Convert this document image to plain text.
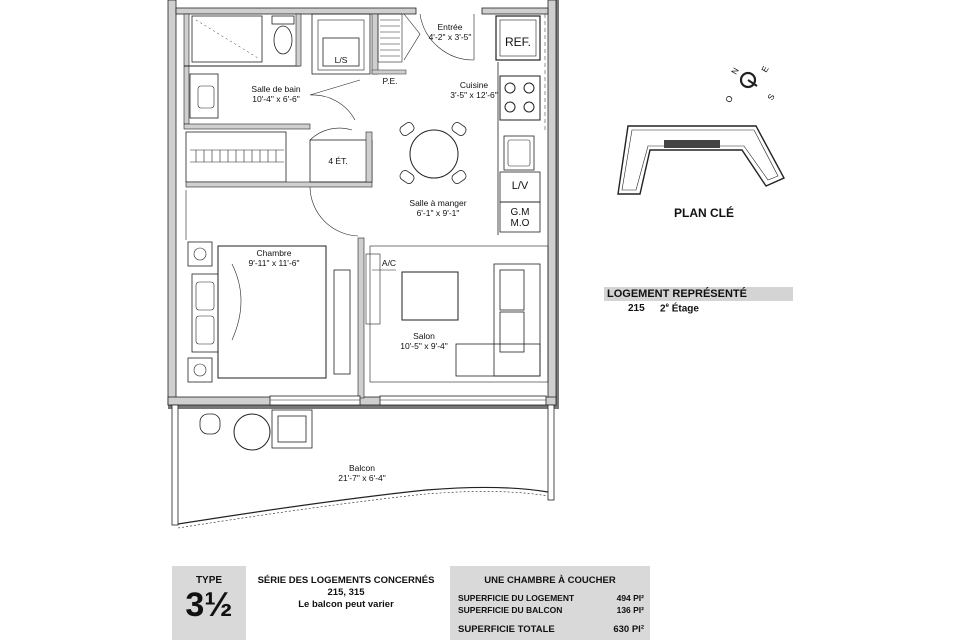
Entrée
4'-2" x 3'-5"
Salle de bain
10'-4" x 6'-6"
Cuisine
3'-5" x 12'-6"
Salle à manger
6'-1" x 9'-1"
Chambre
9'-11" x 11'-6"
Salon
10'-5" x 9'-4"
Balcon
21'-7" x 6'-4"
REF.
L/S
P.E.
4 ÉT.
L/V
G.M
M.O
A/C
N E
S
O
PLAN CLÉ
LOGEMENT REPRÉSENTÉ
215 2e Étage
TYPE
3½
SÉRIE DES LOGEMENTS CONCERNÉS
215, 315
Le balcon peut varier
UNE CHAMBRE À COUCHER
SUPERFICIE DU LOGEMENT	494 PI²
SUPERFICIE DU BALCON	136 PI²
SUPERFICIE TOTALE	630 PI²
